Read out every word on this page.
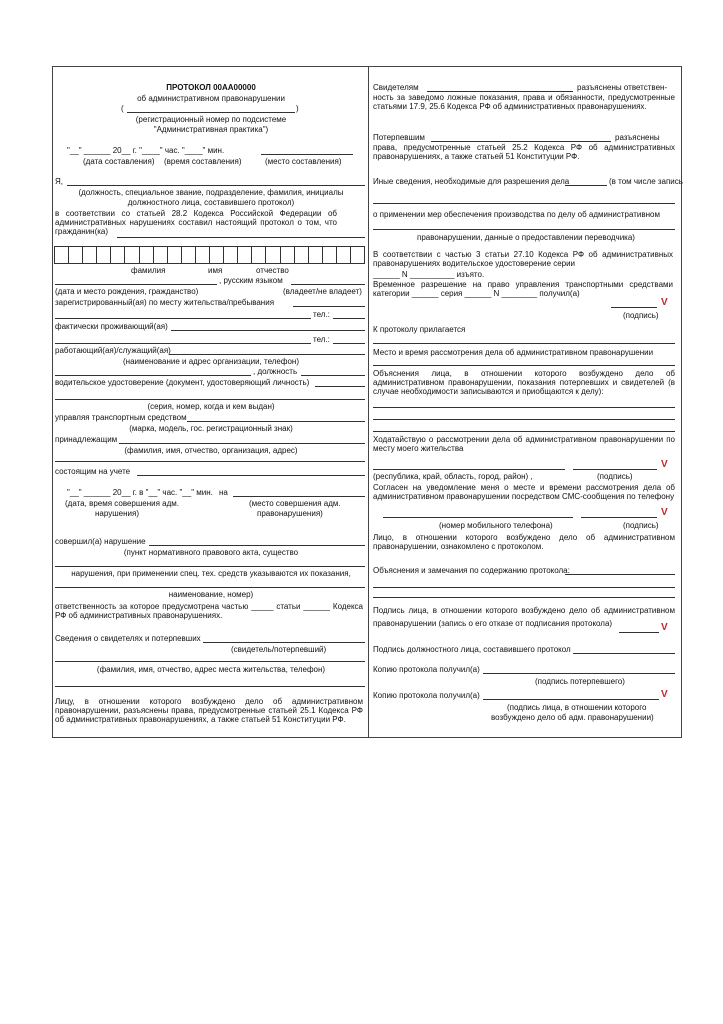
ПРОТОКОЛ 00АА00000
об административном правонарушении
(	)
(регистрационный номер по подсистеме
"Административная практика")
"__" ______ 20__ г. "____" час. "____" мин.
(дата составления) (время составления)	(место составления)
Я,
(должность, специальное звание, подразделение, фамилия, инициалы
должностного лица, составившего протокол)
в соответствии со статьей 28.2 Кодекса Российской Федерации об административных нарушениях составил настоящий протокол о том, что гражданин(ка)
фамилия	имя	отчество
, русским языком
(дата и место рождения, гражданство)	(владеет/не владеет)
зарегистрированный(ая) по месту жительства/пребывания
тел.:
фактически проживающий(ая)
тел.:
работающий(ая)/служащий(ая)
(наименование и адрес организации, телефон)
, должность
водительское удостоверение (документ, удостоверяющий личность)
(серия, номер, когда и кем выдан)
управляя транспортным средством
(марка, модель, гос. регистрационный знак)
принадлежащим
(фамилия, имя, отчество, организация, адрес)
состоящим на учете
"__" ______ 20__ г. в "__" час. "__" мин. на
(дата, время совершения адм.
нарушения)
(место совершения адм.
правонарушения)
совершил(а) нарушение
(пункт нормативного правового акта, существо
нарушения, при применении спец. тех. средств указываются их показания,
наименование, номер)
ответственность за которое предусмотрена частью _____ статьи ______ Кодекса РФ об административных правонарушениях.
Сведения о свидетелях и потерпевших
(свидетель/потерпевший)
(фамилия, имя, отчество, адрес места жительства, телефон)
Лицу, в отношении которого возбуждено дело об административном правонарушении, разъяснены права, предусмотренные статьей 25.1 Кодекса РФ об административных правонарушениях, а также статьей 51 Конституции РФ.
Свидетелям	разъяснены ответствен-
ность за заведомо ложные показания, права и обязанности, предусмотренные статьями 17.9, 25.6 Кодекса РФ об административных правонарушениях.
Потерпевшим	разъяснены
права, предусмотренные статьей 25.2 Кодекса РФ об административных правонарушениях, а также статьей 51 Конституции РФ.
Иные сведения, необходимые для разрешения дела	(в том числе запись
о применении мер обеспечения производства по делу об административном
правонарушении, данные о предоставлении переводчика)
В соответствии с частью 3 статьи 27.10 Кодекса РФ об административных правонарушениях водительское удостоверение серии
______ N __________ изъято.
Временное разрешение на право управления транспортными средствами категории ______ серия ______ N ________ получил(а)
V
(подпись)
К протоколу прилагается
Место и время рассмотрения дела об административном правонарушении
Объяснения лица, в отношении которого возбуждено дело об административном правонарушении, показания потерпевших и свидетелей (в случае необходимости записываются и приобщаются к делу):
Ходатайствую о рассмотрении дела об административном правонарушении по месту моего жительства
V
(республика, край, область, город, район) ,	(подпись)
Согласен на уведомление меня о месте и времени рассмотрения дела об административном правонарушении посредством СМС-сообщения по телефону
V
(номер мобильного телефона)	(подпись)
Лицо, в отношении которого возбуждено дело об административном правонарушении, ознакомлено с протоколом.
Объяснения и замечания по содержанию протокола:
Подпись лица, в отношении которого возбуждено дело об административном правонарушении (запись о его отказе от подписания протокола)	V
Подпись должностного лица, составившего протокол
Копию протокола получил(а)
(подпись потерпевшего)
Копию протокола получил(а)	V
(подпись лица, в отношении которого
возбуждено дело об адм. правонарушении)
